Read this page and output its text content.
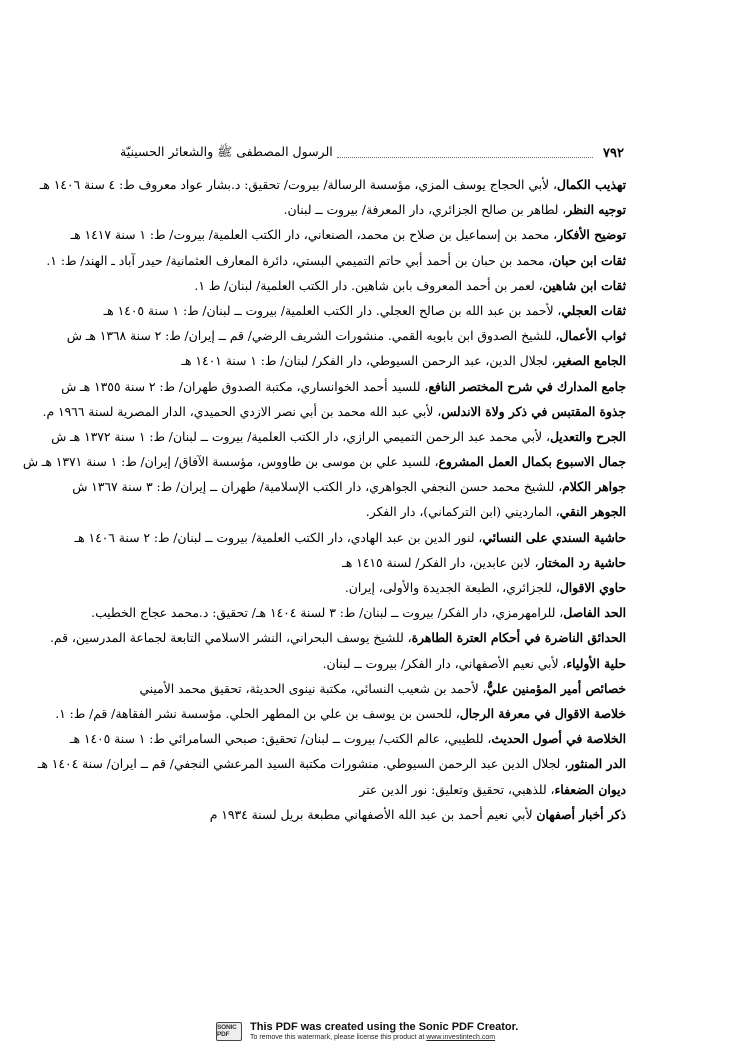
٧٩٢
الرسول المصطفى ﷺ والشعائر الحسينيّة
تهذيب الكمال، لأبي الحجاج يوسف المزي، مؤسسة الرسالة/ بيروت/ تحقيق: د.بشار عواد معروف ط: ٤ سنة ١٤٠٦ هـ
توجيه النظر، لطاهر بن صالح الجزائري، دار المعرفة/ بيروت ــ لبنان.
توضيح الأفكار، محمد بن إسماعيل بن صلاح بن محمد، الصنعاني، دار الكتب العلمية/ بيروت/ ط: ١ سنة ١٤١٧ هـ
ثقات ابن حبان، محمد بن حبان بن أحمد أبي حاتم التميمي البستي، دائرة المعارف العثمانية/ حيدر آباد ـ الهند/ ط: ١.
ثقات ابن شاهين، لعمر بن أحمد المعروف بابن شاهين. دار الكتب العلمية/ لبنان/ ط ١.
ثقات العجلي، لأحمد بن عبد الله بن صالح العجلي. دار الكتب العلمية/ بيروت ــ لبنان/ ط: ١ سنة ١٤٠٥ هـ
ثواب الأعمال، للشيخ الصدوق ابن بابويه القمي. منشورات الشريف الرضي/ قم ــ إيران/ ط: ٢ سنة ١٣٦٨ هـ ش
الجامع الصغير، لجلال الدين، عبد الرحمن السيوطي، دار الفكر/ لبنان/ ط: ١ سنة ١٤٠١ هـ
جامع المدارك في شرح المختصر النافع، للسيد أحمد الخوانساري، مكتبة الصدوق طهران/ ط: ٢ سنة ١٣٥٥ هـ ش
جذوة المقتبس في ذكر ولاة الاندلس، لأبي عبد الله محمد بن أبي نصر الازدي الحميدي، الدار المصرية لسنة ١٩٦٦ م.
الجرح والتعديل، لأبي محمد عبد الرحمن التميمي الرازي، دار الكتب العلمية/ بيروت ــ لبنان/ ط: ١ سنة ١٣٧٢ هـ ش
جمال الاسبوع بكمال العمل المشروع، للسيد علي بن موسى بن طاووس، مؤسسة الآفاق/ إيران/ ط: ١ سنة ١٣٧١ هـ ش
جواهر الكلام، للشيخ محمد حسن النجفي الجواهري، دار الكتب الإسلامية/ طهران ــ إيران/ ط: ٣ سنة ١٣٦٧ ش
الجوهر النقي، المارديني (ابن التركماني)، دار الفكر.
حاشية السندي على النسائي، لنور الدين بن عبد الهادي، دار الكتب العلمية/ بيروت ــ لبنان/ ط: ٢ سنة ١٤٠٦ هـ
حاشية رد المختار، لابن عابدين، دار الفكر/ لسنة ١٤١٥ هـ
حاوي الاقوال، للجزائري، الطبعة الجديدة والأولى، إيران.
الحد الفاصل، للرامهرمزي، دار الفكر/ بيروت ــ لبنان/ ط: ٣ لسنة ١٤٠٤ هـ/ تحقيق: د.محمد عجاج الخطيب.
الحدائق الناضرة في أحكام العترة الطاهرة، للشيخ يوسف البحراني، النشر الاسلامي التابعة لجماعة المدرسين، قم.
حلية الأولياء، لأبي نعيم الأصفهاني، دار الفكر/ بيروت ــ لبنان.
خصائص أمير المؤمنين عليٌّ، لأحمد بن شعيب النسائي، مكتبة نينوى الحديثة، تحقيق محمد الأميني
خلاصة الاقوال في معرفة الرجال، للحسن بن يوسف بن علي بن المطهر الحلي. مؤسسة نشر الفقاهة/ قم/ ط: ١.
الخلاصة في أصول الحديث، للطيبي، عالم الكتب/ بيروت ــ لبنان/ تحقيق: صبحي السامرائي ط: ١ سنة ١٤٠٥ هـ
الدر المنثور، لجلال الدين عبد الرحمن السيوطي. منشورات مكتبة السيد المرعشي النجفي/ قم ــ ايران/ سنة ١٤٠٤ هـ
ديوان الضعفاء، للذهبي، تحقيق وتعليق: نور الدين عتر
ذكر أخبار أصفهان لأبي نعيم أحمد بن عبد الله الأصفهاني مطبعة بريل لسنة ١٩٣٤ م
SONIC PDF
This PDF was created using the Sonic PDF Creator.
To remove this watermark, please license this product at www.investintech.com
